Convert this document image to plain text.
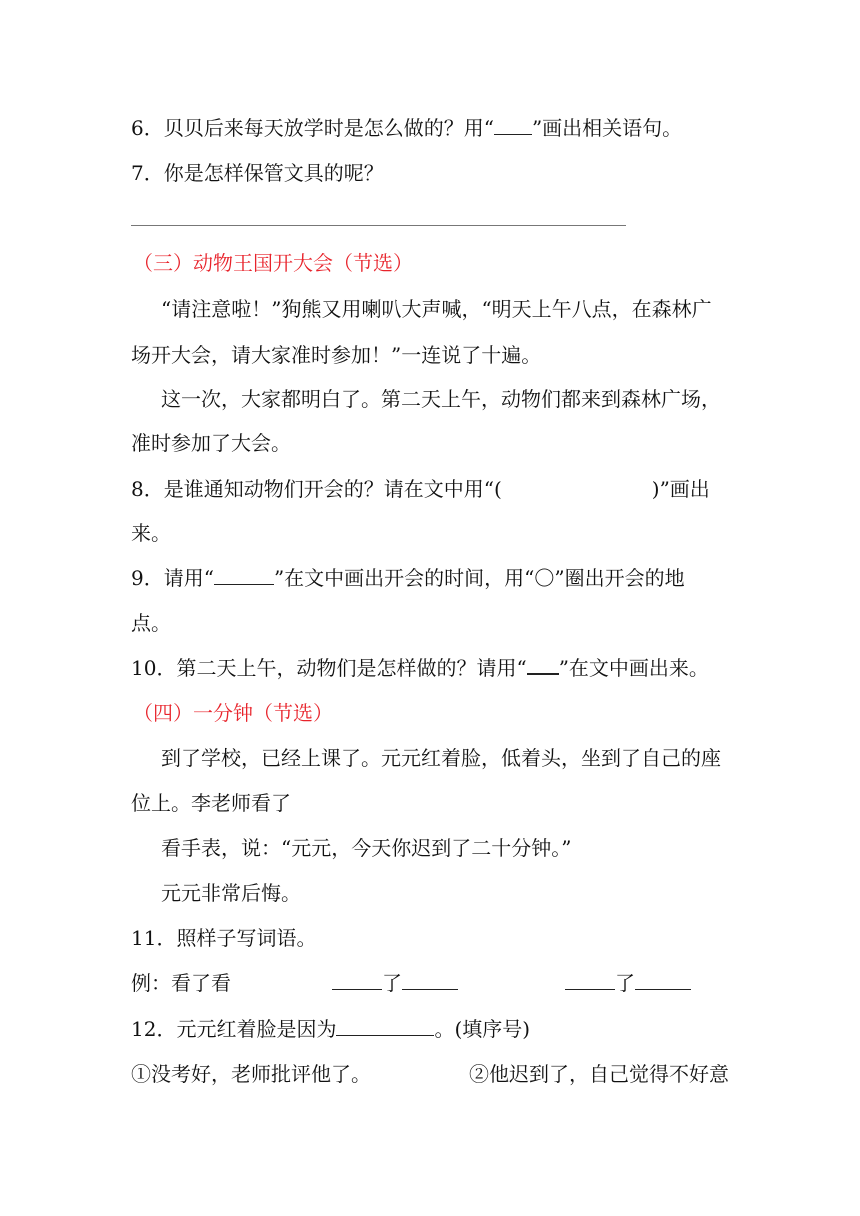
6．贝贝后来每天放学时是怎么做的？用“ ”画出相关语句。
7．你是怎样保管文具的呢？
（三）动物王国开大会（节选）
“请注意啦！”狗熊又用喇叭大声喊，“明天上午八点，在森林广
场开大会，请大家准时参加！”一连说了十遍。
这一次，大家都明白了。第二天上午，动物们都来到森林广场，
准时参加了大会。
8．是谁通知动物们开会的？请在文中用“(	)”画出
来。
9．请用“	”在文中画出开会的时间，用“〇”圈出开会的地
点。
10．第二天上午，动物们是怎样做的？请用“ ”在文中画出来。
（四）一分钟（节选）
到了学校，已经上课了。元元红着脸，低着头，坐到了自己的座
位上。李老师看了
看手表，说：“元元，今天你迟到了二十分钟。”
元元非常后悔。
11．照样子写词语。
例：看了看	了	了
12．元元红着脸是因为	。(填序号)
①没考好，老师批评他了。	②他迟到了，自己觉得不好意
